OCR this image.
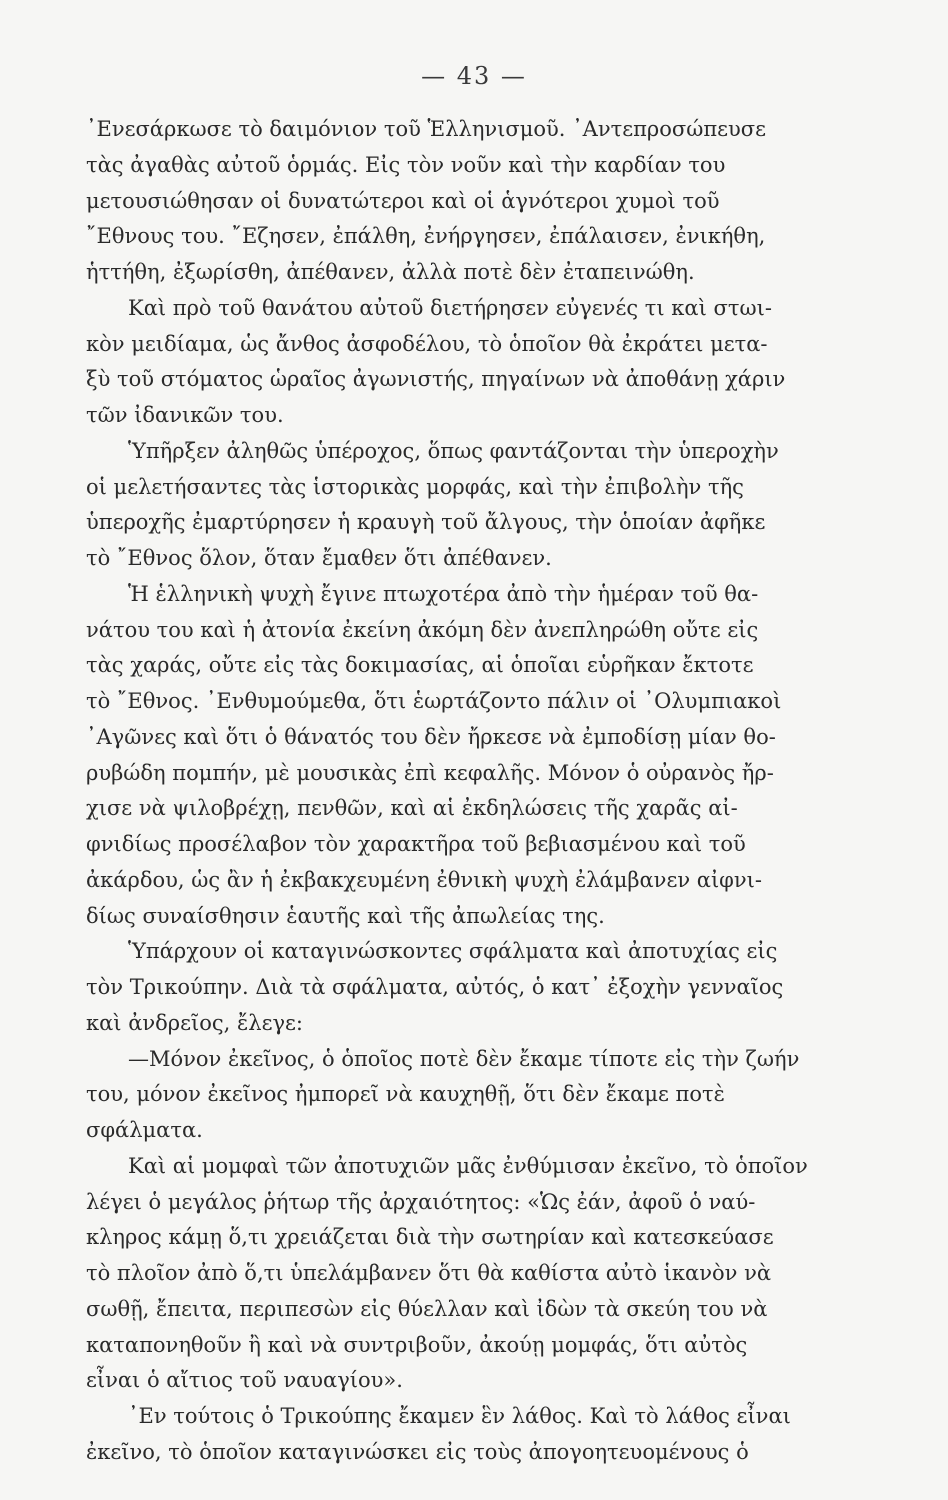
— 43 —
᾿Ενεσάρκωσε τὸ δαιμόνιον τοῦ Ἑλληνισμοῦ. ᾿Αντεπροσώπευσε
τὰς ἀγαθὰς αὐτοῦ ὁρμάς. Εἰς τὸν νοῦν καὶ τὴν καρδίαν του
μετουσιώθησαν οἱ δυνατώτεροι καὶ οἱ ἁγνότεροι χυμοὶ τοῦ
῎Εθνους του. ῎Εζησεν, ἐπάλθη, ἐνήργησεν, ἐπάλαισεν, ἐνικήθη,
ἡττήθη, ἐξωρίσθη, ἀπέθανεν, ἀλλὰ ποτὲ δὲν ἐταπεινώθη.
Καὶ πρὸ τοῦ θανάτου αὐτοῦ διετήρησεν εὐγενές τι καὶ στωι-
κὸν μειδίαμα, ὡς ἄνθος ἀσφοδέλου, τὸ ὁποῖον θὰ ἐκράτει μετα-
ξὺ τοῦ στόματος ὡραῖος ἀγωνιστής, πηγαίνων νὰ ἀποθάνῃ χάριν
τῶν ἰδανικῶν του.
Ὑπῆρξεν ἀληθῶς ὑπέροχος, ὅπως φαντάζονται τὴν ὑπεροχὴν
οἱ μελετήσαντες τὰς ἱστορικὰς μορφάς, καὶ τὴν ἐπιβολὴν τῆς
ὑπεροχῆς ἐμαρτύρησεν ἡ κραυγὴ τοῦ ἄλγους, τὴν ὁποίαν ἀφῆκε
τὸ ῎Εθνος ὅλον, ὅταν ἔμαθεν ὅτι ἀπέθανεν.
Ἡ ἑλληνικὴ ψυχὴ ἔγινε πτωχοτέρα ἀπὸ τὴν ἡμέραν τοῦ θα-
νάτου του καὶ ἡ ἀτονία ἐκείνη ἀκόμη δὲν ἀνεπληρώθη οὔτε εἰς
τὰς χαράς, οὔτε εἰς τὰς δοκιμασίας, αἱ ὁποῖαι εὑρῆκαν ἔκτοτε
τὸ ῎Εθνος. ᾿Ενθυμούμεθα, ὅτι ἑωρτάζοντο πάλιν οἱ ᾿Ολυμπιακοὶ
᾿Αγῶνες καὶ ὅτι ὁ θάνατός του δὲν ἤρκεσε νὰ ἐμποδίσῃ μίαν θο-
ρυβώδη πομπήν, μὲ μουσικὰς ἐπὶ κεφαλῆς. Μόνον ὁ οὐρανὸς ἤρ-
χισε νὰ ψιλοβρέχῃ, πενθῶν, καὶ αἱ ἐκδηλώσεις τῆς χαρᾶς αἰ-
φνιδίως προσέλαβον τὸν χαρακτῆρα τοῦ βεβιασμένου καὶ τοῦ
ἀκάρδου, ὡς ἂν ἡ ἐκβακχευμένη ἐθνικὴ ψυχὴ ἐλάμβανεν αἰφνι-
δίως συναίσθησιν ἑαυτῆς καὶ τῆς ἀπωλείας της.
Ὑπάρχουν οἱ καταγινώσκοντες σφάλματα καὶ ἀποτυχίας εἰς
τὸν Τρικούπην. Διὰ τὰ σφάλματα, αὐτός, ὁ κατ᾿ ἐξοχὴν γενναῖος
καὶ ἀνδρεῖος, ἔλεγε:
—Μόνον ἐκεῖνος, ὁ ὁποῖος ποτὲ δὲν ἔκαμε τίποτε εἰς τὴν ζωήν
του, μόνον ἐκεῖνος ἠμπορεῖ νὰ καυχηθῇ, ὅτι δὲν ἔκαμε ποτὲ
σφάλματα.
Καὶ αἱ μομφαὶ τῶν ἀποτυχιῶν μᾶς ἐνθύμισαν ἐκεῖνο, τὸ ὁποῖον
λέγει ὁ μεγάλος ῥήτωρ τῆς ἀρχαιότητος: «Ὡς ἐάν, ἀφοῦ ὁ ναύ-
κληρος κάμῃ ὅ,τι χρειάζεται διὰ τὴν σωτηρίαν καὶ κατεσκεύασε
τὸ πλοῖον ἀπὸ ὅ,τι ὑπελάμβανεν ὅτι θὰ καθίστα αὐτὸ ἱκανὸν νὰ
σωθῇ, ἔπειτα, περιπεσὼν εἰς θύελλαν καὶ ἰδὼν τὰ σκεύη του νὰ
καταπονηθοῦν ἢ καὶ νὰ συντριβοῦν, ἀκούῃ μομφάς, ὅτι αὐτὸς
εἶναι ὁ αἴτιος τοῦ ναυαγίου».
᾿Εν τούτοις ὁ Τρικούπης ἔκαμεν ἓν λάθος. Καὶ τὸ λάθος εἶναι
ἐκεῖνο, τὸ ὁποῖον καταγινώσκει εἰς τοὺς ἀπογοητευομένους ὁ
